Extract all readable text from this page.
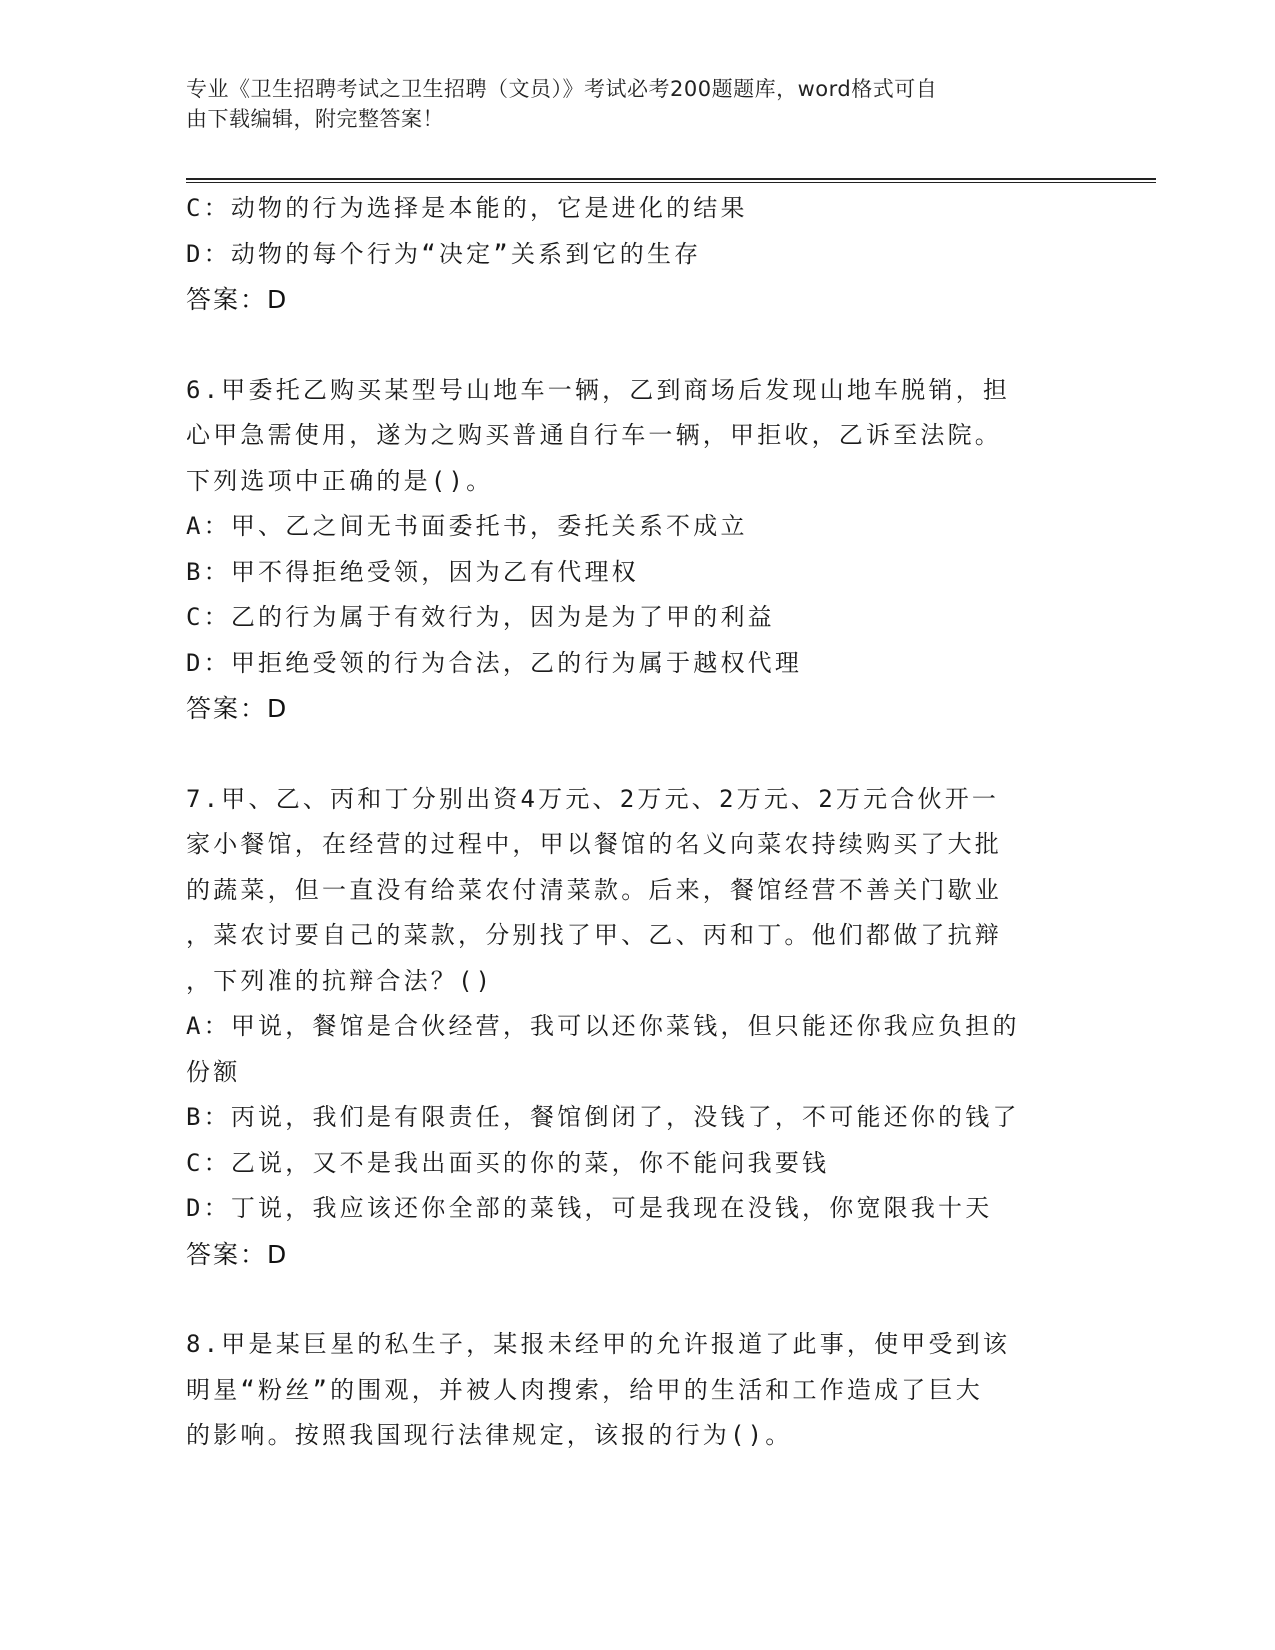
专业《卫生招聘考试之卫生招聘（文员）》考试必考200题题库，word格式可自
由下载编辑，附完整答案！
C：动物的行为选择是本能的，它是进化的结果
D：动物的每个行为“决定”关系到它的生存
答案：D
6.甲委托乙购买某型号山地车一辆，乙到商场后发现山地车脱销，担
心甲急需使用，遂为之购买普通自行车一辆，甲拒收，乙诉至法院。
下列选项中正确的是()。
A：甲、乙之间无书面委托书，委托关系不成立
B：甲不得拒绝受领，因为乙有代理权
C：乙的行为属于有效行为，因为是为了甲的利益
D：甲拒绝受领的行为合法，乙的行为属于越权代理
答案：D
7.甲、乙、丙和丁分别出资4万元、2万元、2万元、2万元合伙开一
家小餐馆，在经营的过程中，甲以餐馆的名义向菜农持续购买了大批
的蔬菜，但一直没有给菜农付清菜款。后来，餐馆经营不善关门歇业
，菜农讨要自己的菜款，分别找了甲、乙、丙和丁。他们都做了抗辩
，下列准的抗辩合法？()
A：甲说，餐馆是合伙经营，我可以还你菜钱，但只能还你我应负担的
份额
B：丙说，我们是有限责任，餐馆倒闭了，没钱了，不可能还你的钱了
C：乙说，又不是我出面买的你的菜，你不能问我要钱
D：丁说，我应该还你全部的菜钱，可是我现在没钱，你宽限我十天
答案：D
8.甲是某巨星的私生子，某报未经甲的允许报道了此事，使甲受到该
明星“粉丝”的围观，并被人肉搜索，给甲的生活和工作造成了巨大
的影响。按照我国现行法律规定，该报的行为()。
